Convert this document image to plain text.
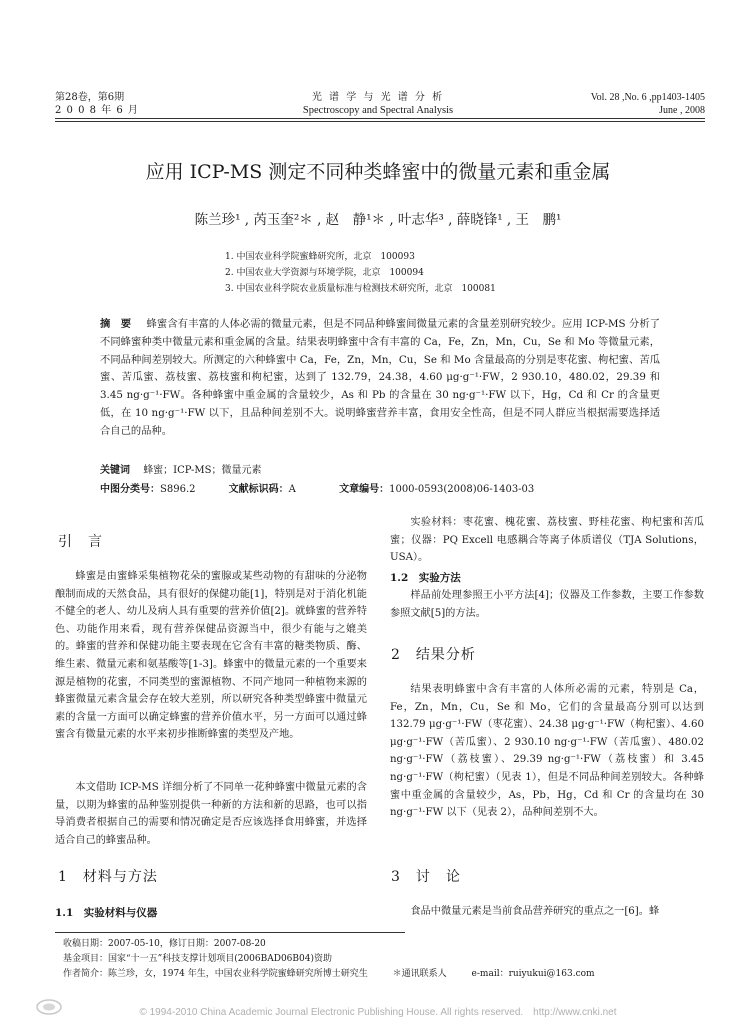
第28卷，第6期
2 0 0 8 年 6 月
光 谱 学 与 光 谱 分 析
Spectroscopy and Spectral Analysis
Vol. 28 ,No. 6 ,pp1403-1405
June , 2008
应用 ICP-MS 测定不同种类蜂蜜中的微量元素和重金属
陈兰珍¹ , 芮玉奎²＊ , 赵　静¹＊ , 叶志华³ , 薛晓锋¹ , 王　鹏¹
1. 中国农业科学院蜜蜂研究所，北京　100093
2. 中国农业大学资源与环境学院，北京　100094
3. 中国农业科学院农业质量标准与检测技术研究所，北京　100081
摘　要 蜂蜜含有丰富的人体必需的微量元素，但是不同品种蜂蜜间微量元素的含量差别研究较少。应用 ICP-MS 分析了不同蜂蜜种类中微量元素和重金属的含量。结果表明蜂蜜中含有丰富的 Ca，Fe，Zn，Mn，Cu，Se 和 Mo 等微量元素，不同品种间差别较大。所测定的六种蜂蜜中 Ca，Fe，Zn，Mn，Cu，Se 和 Mo 含量最高的分别是枣花蜜、枸杞蜜、苦瓜蜜、苦瓜蜜、荔枝蜜、荔枝蜜和枸杞蜜，达到了 132.79，24.38，4.60 μg·g⁻¹·FW，2 930.10，480.02，29.39 和 3.45 ng·g⁻¹·FW。各种蜂蜜中重金属的含量较少，As 和 Pb 的含量在 30 ng·g⁻¹·FW 以下，Hg，Cd 和 Cr 的含量更低，在 10 ng·g⁻¹·FW 以下，且品种间差别不大。说明蜂蜜营养丰富，食用安全性高，但是不同人群应当根据需要选择适合自己的品种。
关键词 蜂蜜；ICP-MS；微量元素
中图分类号：S896.2	文献标识码：A	文章编号：1000-0593(2008)06-1403-03
引　言
蜂蜜是由蜜蜂采集植物花朵的蜜腺或某些动物的有甜味的分泌物酿制而成的天然食品，具有很好的保健功能[1]，特别是对于消化机能不健全的老人、幼儿及病人具有重要的营养价值[2]。就蜂蜜的营养特色、功能作用来看，现有营养保健品资源当中，很少有能与之媲美的。蜂蜜的营养和保健功能主要表现在它含有丰富的糖类物质、酶、维生素、微量元素和氨基酸等[1-3]。蜂蜜中的微量元素的一个重要来源是植物的花蜜，不同类型的蜜源植物、不同产地同一种植物来源的蜂蜜微量元素含量会存在较大差别，所以研究各种类型蜂蜜中微量元素的含量一方面可以确定蜂蜜的营养价值水平，另一方面可以通过蜂蜜含有微量元素的水平来初步推断蜂蜜的类型及产地。
本文借助 ICP-MS 详细分析了不同单一花种蜂蜜中微量元素的含量，以期为蜂蜜的品种鉴别提供一种新的方法和新的思路，也可以指导消费者根据自己的需要和情况确定是否应该选择食用蜂蜜，并选择适合自己的蜂蜜品种。
1　材料与方法
1.1　实验材料与仪器
实验材料：枣花蜜、槐花蜜、荔枝蜜、野桂花蜜、枸杞蜜和苦瓜蜜；仪器：PQ Excell 电感耦合等离子体质谱仪（TJA Solutions，USA）。
1.2　实验方法
样品前处理参照王小平方法[4]；仪器及工作参数，主要工作参数参照文献[5]的方法。
2　结果分析
结果表明蜂蜜中含有丰富的人体所必需的元素，特别是 Ca，Fe，Zn，Mn，Cu，Se 和 Mo，它们的含量最高分别可以达到 132.79 μg·g⁻¹·FW（枣花蜜）、24.38 μg·g⁻¹·FW（枸杞蜜）、4.60 μg·g⁻¹·FW（苦瓜蜜）、2 930.10 ng·g⁻¹·FW（苦瓜蜜）、480.02 ng·g⁻¹·FW（荔枝蜜）、29.39 ng·g⁻¹·FW（荔枝蜜）和 3.45 ng·g⁻¹·FW（枸杞蜜）（见表 1），但是不同品种间差别较大。各种蜂蜜中重金属的含量较少，As，Pb，Hg，Cd 和 Cr 的含量均在 30 ng·g⁻¹·FW 以下（见表 2），品种间差别不大。
3　讨　论
食品中微量元素是当前食品营养研究的重点之一[6]。蜂
收稿日期：2007-05-10，修订日期：2007-08-20
基金项目：国家“十一五”科技支撑计划项目(2006BAD06B04)资助
作者简介：陈兰珍，女，1974 年生，中国农业科学院蜜蜂研究所博士研究生	＊通讯联系人	e-mail：ruiyukui@163.com
© 1994-2010 China Academic Journal Electronic Publishing House. All rights reserved.　http://www.cnki.net
